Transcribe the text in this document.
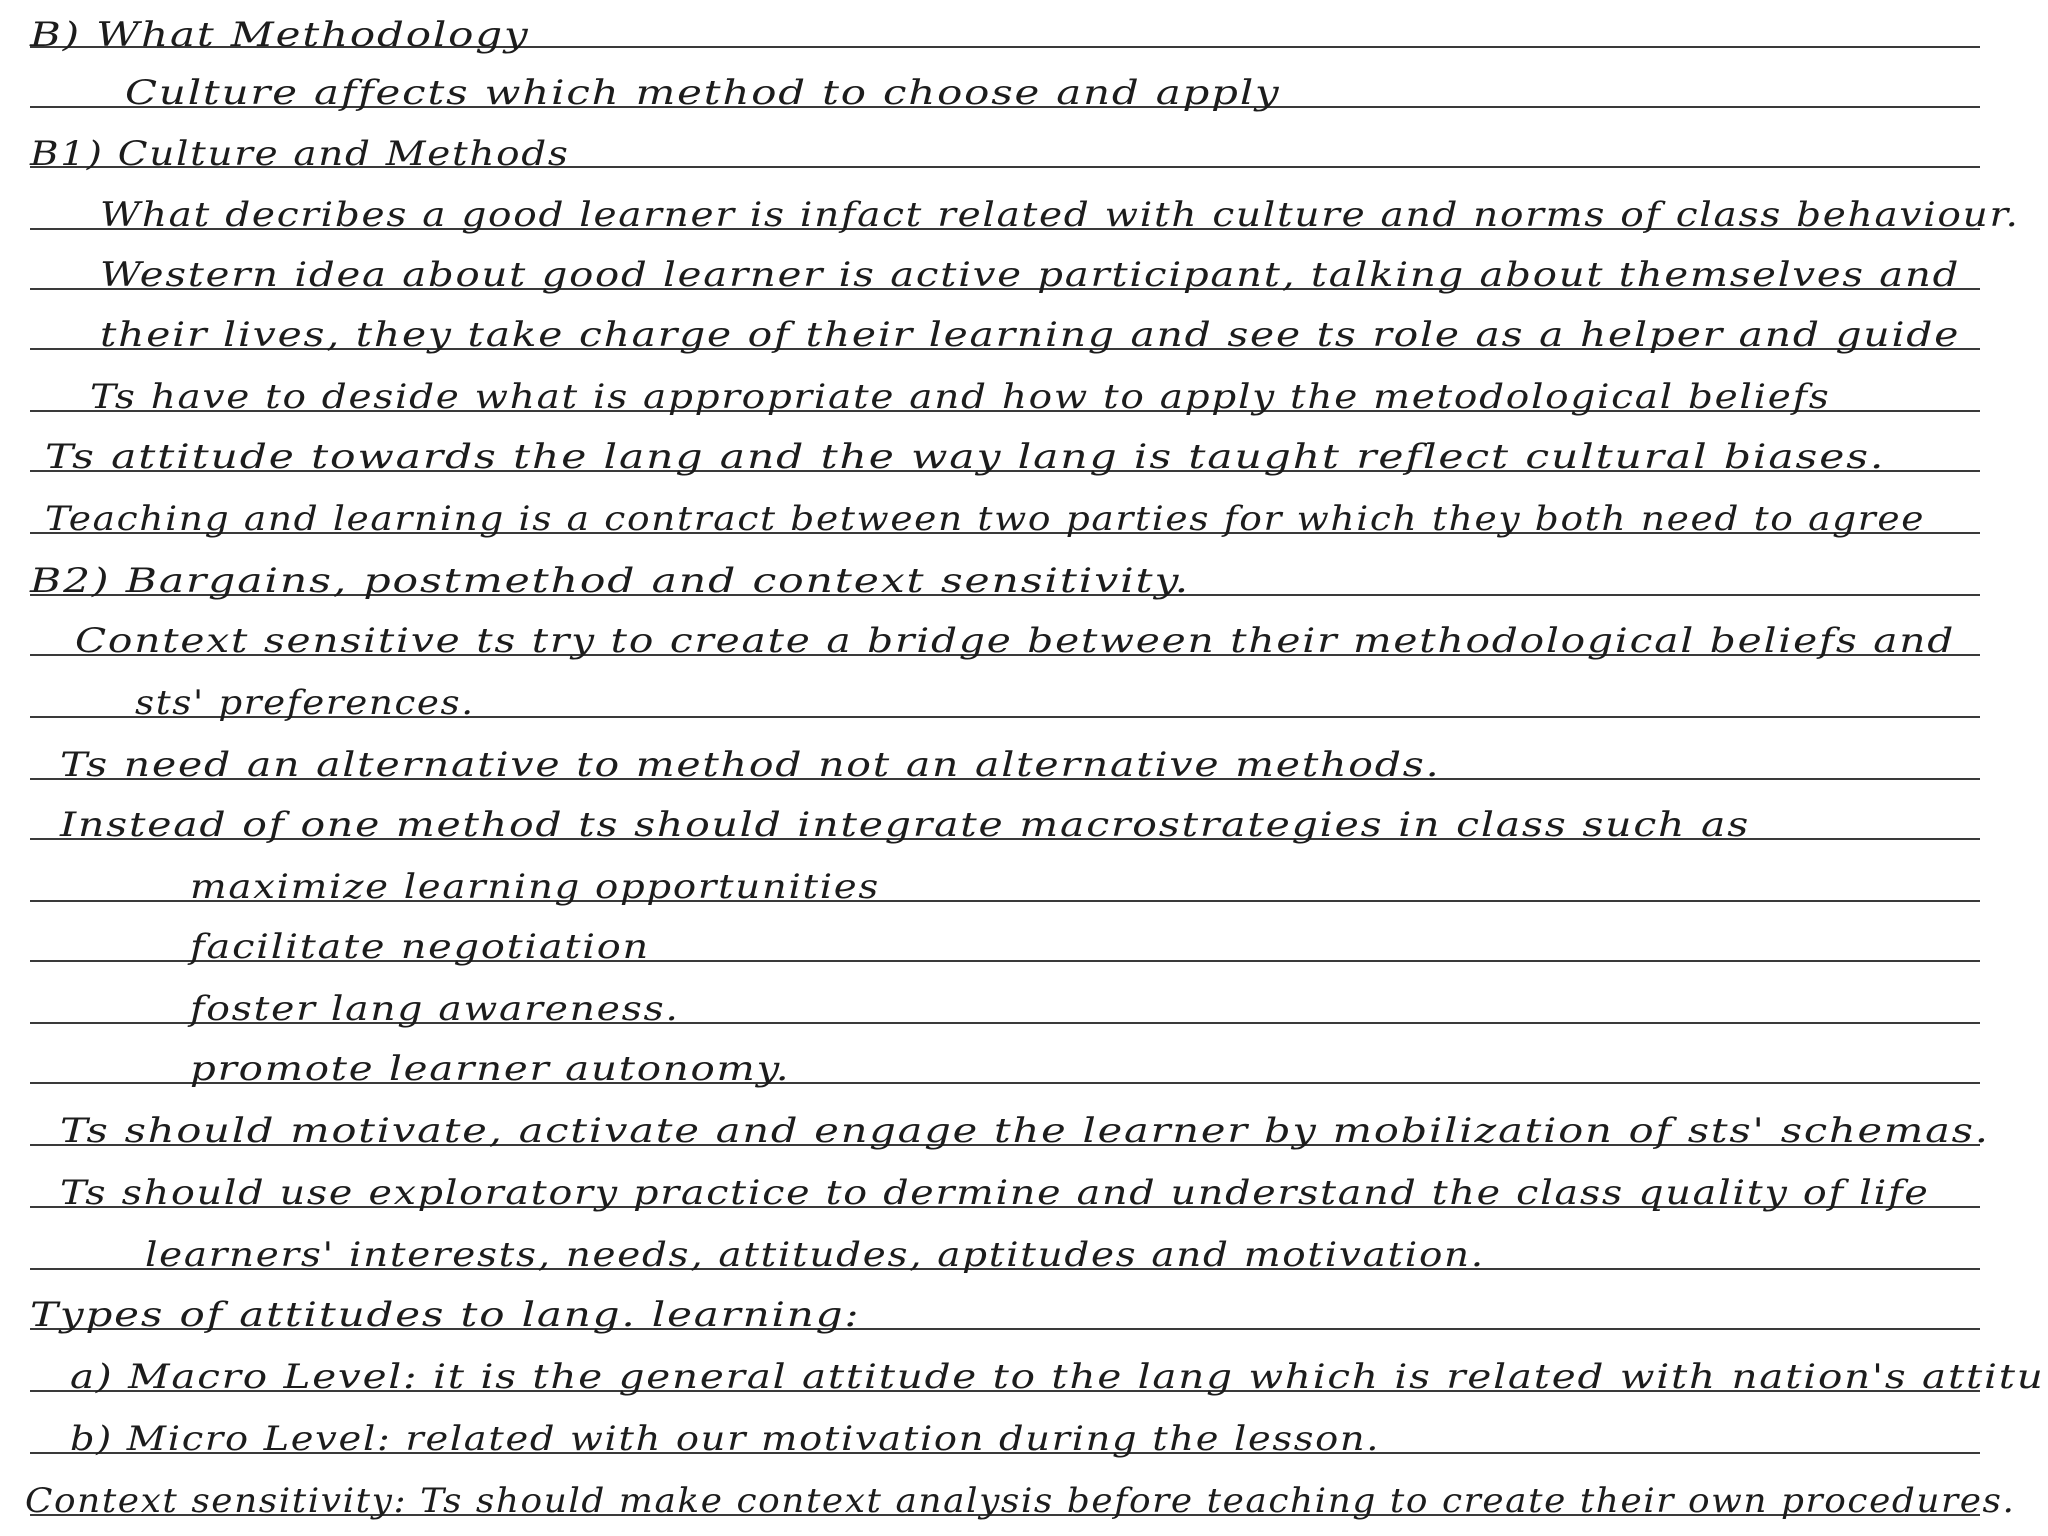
B) What Methodology
Culture affects which method to choose and apply
B1) Culture and Methods
What decribes a good learner is infact related with culture and norms of class behaviour.
Western idea about good learner is active participant, talking about themselves and
their lives, they take charge of their learning and see ts role as a helper and guide
Ts have to deside what is appropriate and how to apply the metodological beliefs
Ts attitude towards the lang and the way lang is taught reflect cultural biases.
Teaching and learning is a contract between two parties for which they both need to agree
B2) Bargains, postmethod and context sensitivity.
Context sensitive ts try to create a bridge between their methodological beliefs and
sts' preferences.
Ts need an alternative to method not an alternative methods.
Instead of one method ts should integrate macrostrategies in class such as
maximize learning opportunities
facilitate negotiation
foster lang awareness.
promote learner autonomy.
Ts should motivate, activate and engage the learner by mobilization of sts' schemas.
Ts should use exploratory practice to dermine and understand the class quality of life
learners' interests, needs, attitudes, aptitudes and motivation.
Types of attitudes to lang. learning:
a) Macro Level: it is the general attitude to the lang which is related with nation's attitu
b) Micro Level: related with our motivation during the lesson.
Context sensitivity: Ts should make context analysis before teaching to create their own procedures.
